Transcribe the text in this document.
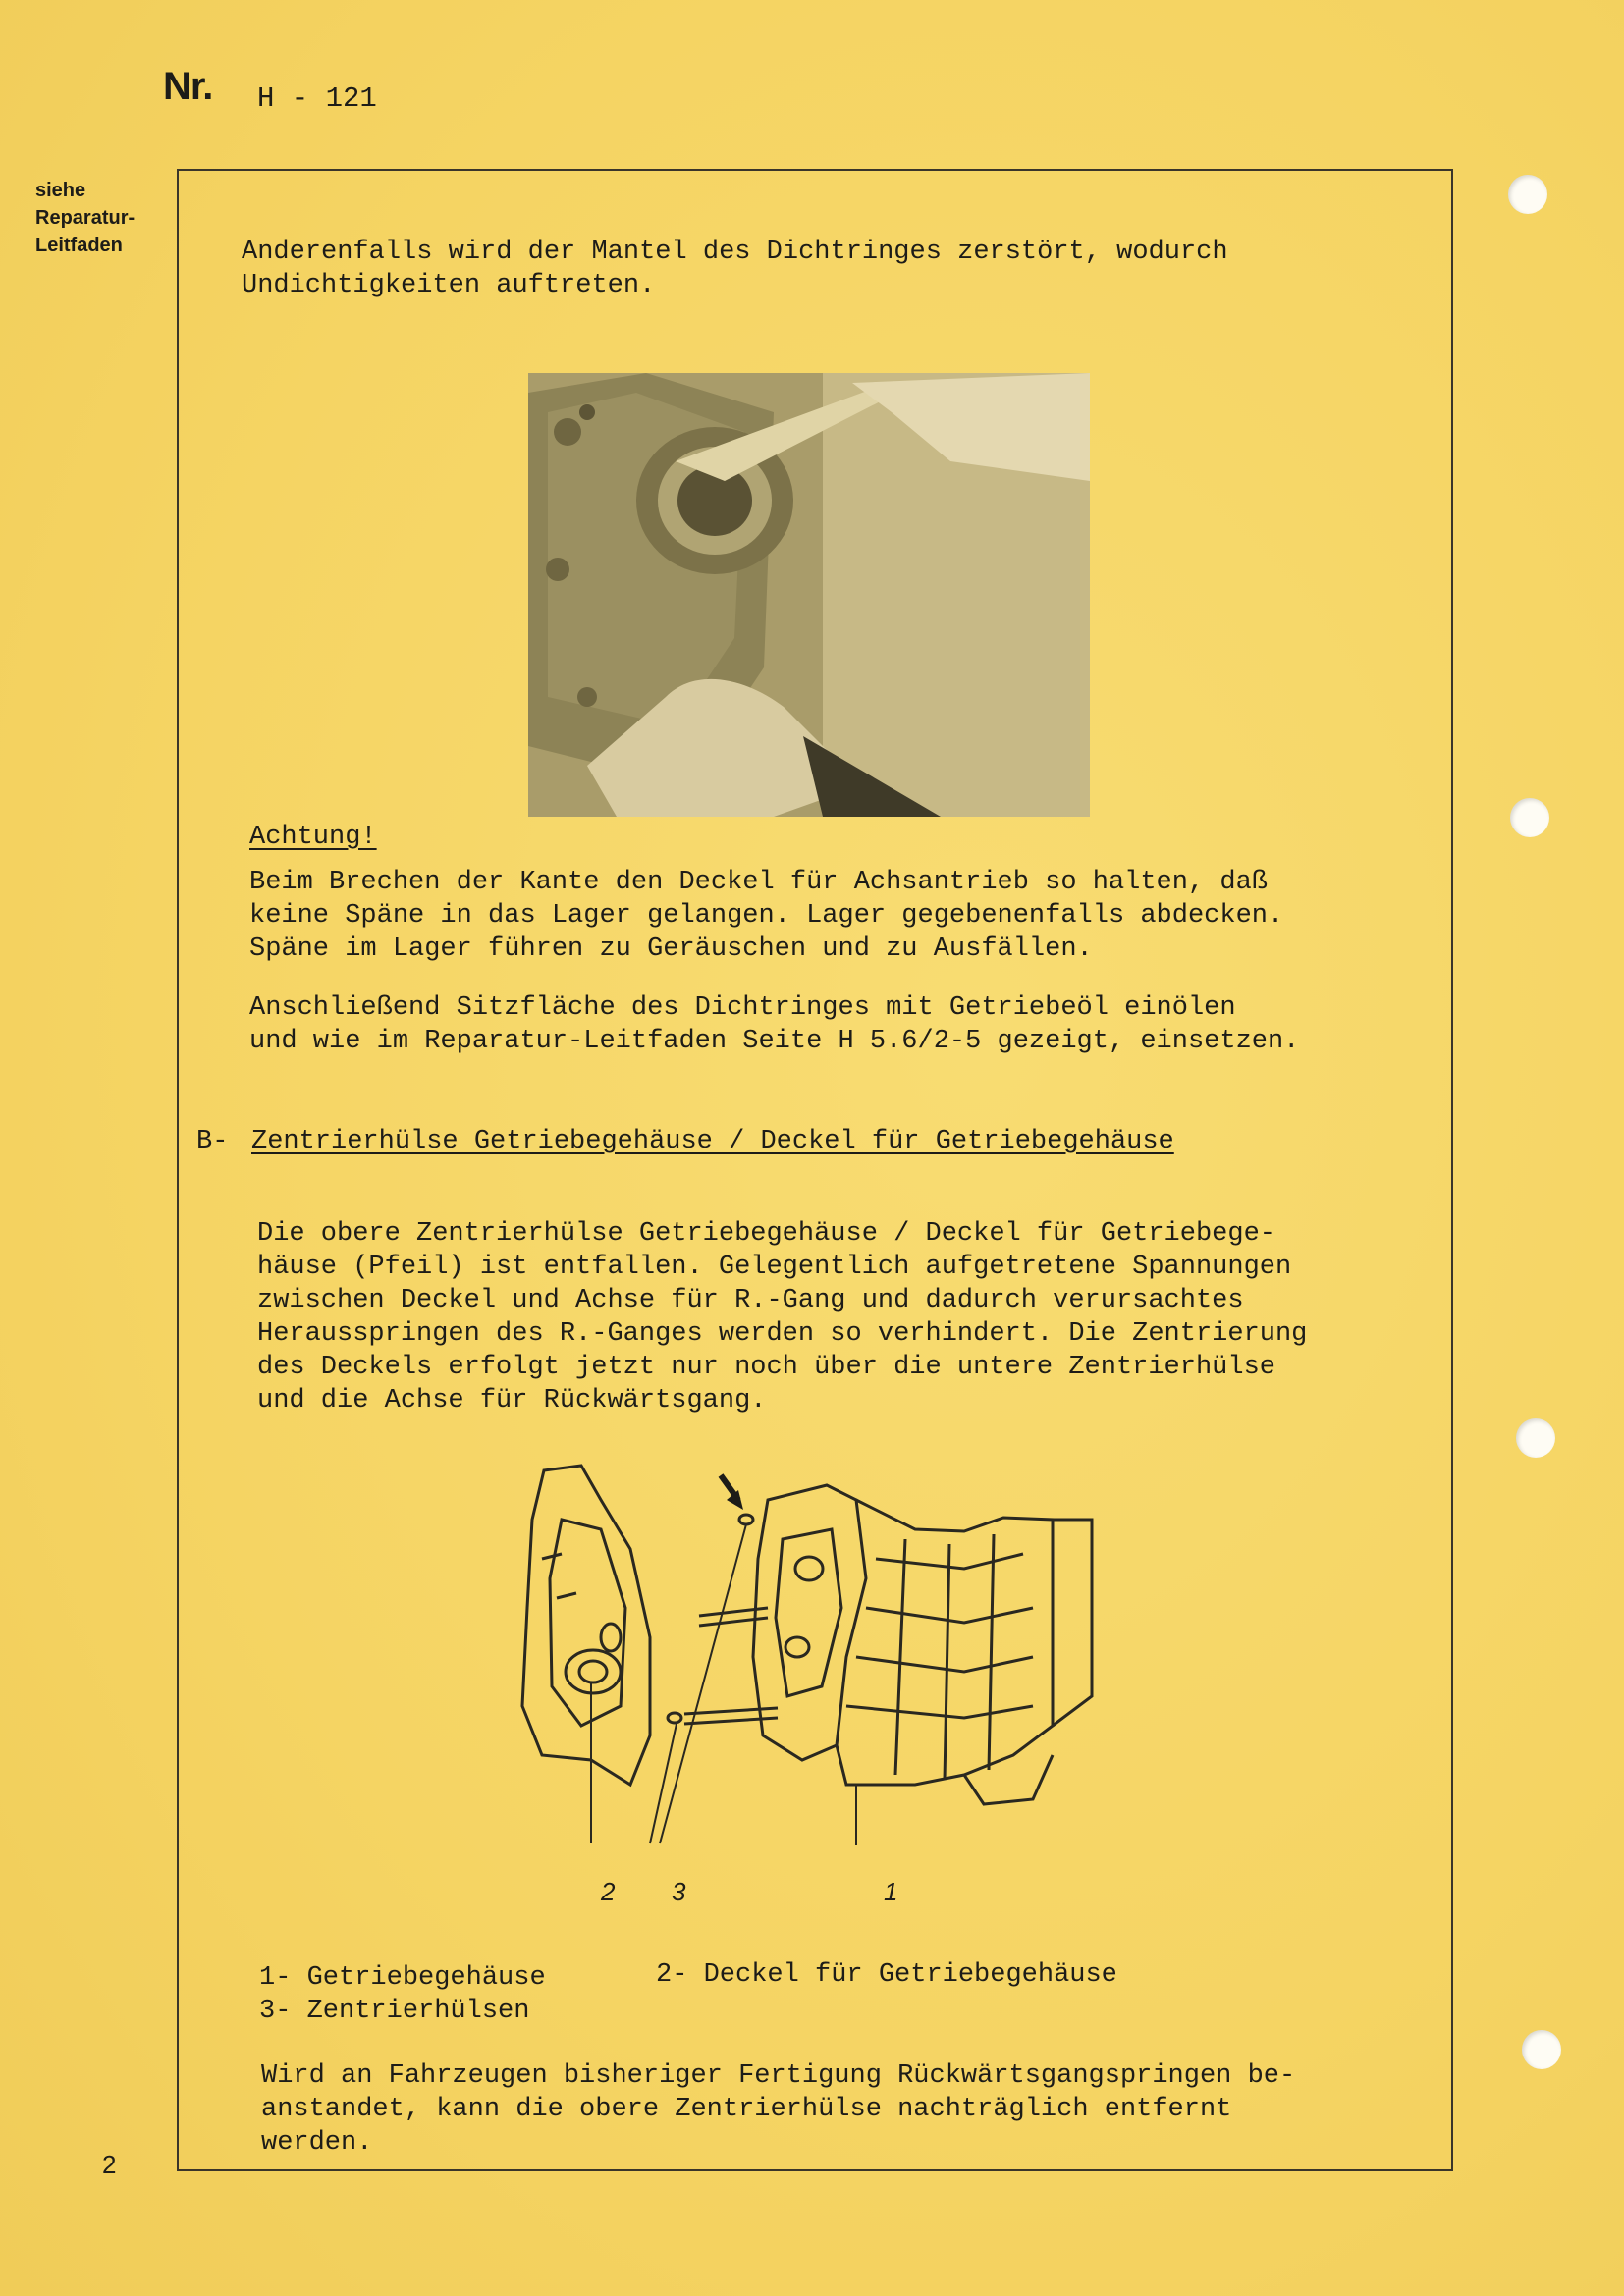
Nr. H - 121
siehe
Reparatur-
Leitfaden
2
Anderenfalls wird der Mantel des Dichtringes zerstört, wodurch
Undichtigkeiten auftreten.
Achtung!
Beim Brechen der Kante den Deckel für Achsantrieb so halten, daß
keine Späne in das Lager gelangen. Lager gegebenenfalls abdecken.
Späne im Lager führen zu Geräuschen und zu Ausfällen.
Anschließend Sitzfläche des Dichtringes mit Getriebeöl einölen
und wie im Reparatur-Leitfaden Seite H 5.6/2-5 gezeigt, einsetzen.
B- Zentrierhülse Getriebegehäuse / Deckel für Getriebegehäuse
Die obere Zentrierhülse Getriebegehäuse / Deckel für Getriebege-
häuse (Pfeil) ist entfallen. Gelegentlich aufgetretene Spannungen
zwischen Deckel und Achse für R.-Gang und dadurch verursachtes
Herausspringen des R.-Ganges werden so verhindert. Die Zentrierung
des Deckels erfolgt jetzt nur noch über die untere Zentrierhülse
und die Achse für Rückwärtsgang.
2 3	1
1- Getriebegehäuse	2- Deckel für Getriebegehäuse
3- Zentrierhülsen
Wird an Fahrzeugen bisheriger Fertigung Rückwärtsgangspringen be-
anstandet, kann die obere Zentrierhülse nachträglich entfernt
werden.
